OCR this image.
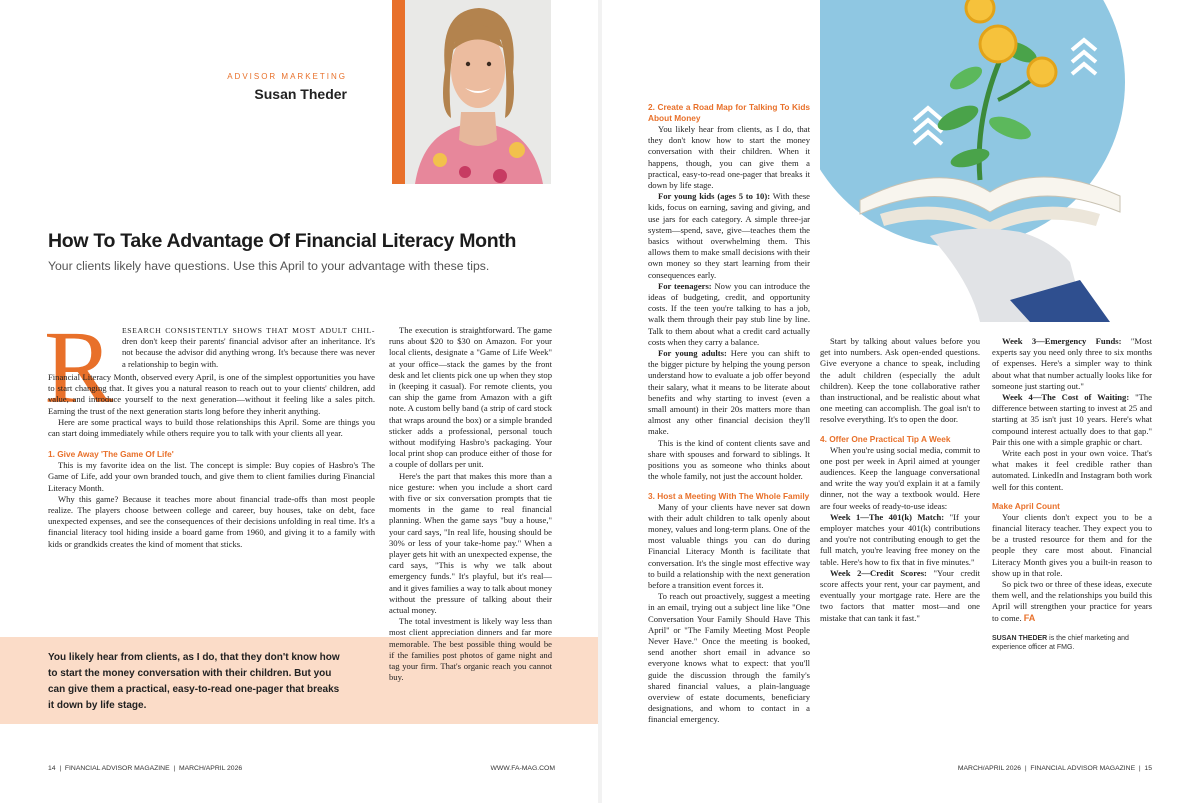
ADVISOR MARKETING
Susan Theder
How To Take Advantage Of Financial Literacy Month
Your clients likely have questions. Use this April to your advantage with these tips.
R ESEARCH CONSISTENTLY SHOWS THAT MOST ADULT CHIL- dren don't keep their parents' financial advisor after an inheritance. It's not because the advisor did anything wrong. It's because there was never a relationship to begin with.

Financial Literacy Month, observed every April, is one of the simplest opportunities you have to start changing that. It gives you a natural reason to reach out to your clients' children, add value, and introduce yourself to the next generation—without it feeling like a sales pitch. Earning the trust of the next generation starts long before they inherit anything.

Here are some practical ways to build those relationships this April. Some are things you can start doing immediately while others require you to talk with your clients all year.

1. Give Away 'The Game Of Life'

This is my favorite idea on the list. The concept is simple: Buy copies of Hasbro's The Game of Life, add your own branded touch, and give them to client families during Financial Literacy Month.

Why this game? Because it teaches more about financial trade-offs than most people realize. The players choose between college and career, buy houses, take on debt, face unexpected expenses, and see the consequences of their decisions unfolding in real time. It's a financial literacy tool hiding inside a board game from 1960, and giving it to a family with kids or grandkids creates the kind of moment that sticks.

You likely hear from clients, as I do, that they don't know how to start the money conversation with their children. But you can give them a practical, easy-to-read one-pager that breaks it down by life stage.

The execution is straightforward. The game runs about $20 to $30 on Amazon. For your local clients, designate a "Game of Life Week" at your office—stack the games by the front desk and let clients pick one up when they stop in (keeping it casual). For remote clients, you can ship the game from Amazon with a gift note. A custom belly band (a strip of card stock that wraps around the box) or a simple branded sticker adds a professional, personal touch without modifying Hasbro's packaging. Your local print shop can produce either of those for a couple of dollars per unit.

Here's the part that makes this more than a nice gesture: when you include a short card with five or six conversation prompts that tie moments in the game to real financial planning. When the game says "buy a house," your card says, "In real life, housing should be 30% or less of your take-home pay." When a player gets hit with an unexpected expense, the card says, "This is why we talk about emergency funds." It's playful, but it's real—and it gives families a way to talk about money without the pressure of talking about their actual money.

The total investment is likely way less than most client appreciation dinners and far more memorable. The best possible thing would be if the families post photos of game night and tag your firm. That's organic reach you cannot buy.

2. Create a Road Map for Talking To Kids About Money

You likely hear from clients, as I do, that they don't know how to start the money conversation with their children. When it happens, though, you can give them a practical, easy-to-read one-pager that breaks it down by life stage.

For young kids (ages 5 to 10): With these kids, focus on earning, saving and giving, and use jars for each category. A simple three-jar system—spend, save, give—teaches them the basics without overwhelming them. This allows them to make small decisions with their own money so they start learning from their consequences early.

For teenagers: Now you can introduce the ideas of budgeting, credit, and opportunity costs. If the teen you're talking to has a job, walk them through their pay stub line by line. Talk to them about what a credit card actually costs when they carry a balance.

For young adults: Here you can shift to the bigger picture by helping the young person understand how to evaluate a job offer beyond their salary, what it means to be literate about benefits and why starting to invest (even a small amount) in their 20s matters more than almost any other financial decision they'll make.

This is the kind of content clients save and share with spouses and forward to siblings. It positions you as someone who thinks about the whole family, not just the account holder.

3. Host a Meeting With The Whole Family

Many of your clients have never sat down with their adult children to talk openly about money, values and long-term plans. One of the most valuable things you can do during Financial Literacy Month is facilitate that conversation. It's the single most effective way to build a relationship with the next generation before a transition event forces it.

To reach out proactively, suggest a meeting in an email, trying out a subject line like "One Conversation Your Family Should Have This April" or "The Family Meeting Most People Never Have." Once the meeting is booked, send another short email in advance so everyone knows what to expect: that you'll guide the discussion through the family's shared financial values, a plain-language overview of estate documents, beneficiary designations, and whom to contact in a financial emergency.

Start by talking about values before you get into numbers. Ask open-ended questions. Give everyone a chance to speak, including the adult children (especially the adult children). Keep the tone collaborative rather than instructional, and be realistic about what one meeting can accomplish. The goal isn't to resolve everything. It's to open the door.

4. Offer One Practical Tip A Week

When you're using social media, commit to one post per week in April aimed at younger audiences. Keep the language conversational and write the way you'd explain it at a family dinner, not the way a textbook would. Here are four weeks of ready-to-use ideas:

Week 1—The 401(k) Match: "If your employer matches your 401(k) contributions and you're not contributing enough to get the full match, you're leaving free money on the table. Here's how to fix that in five minutes."

Week 2—Credit Scores: "Your credit score affects your rent, your car payment, and eventually your mortgage rate. Here are the two factors that matter most—and one mistake that can tank it fast."

Week 3—Emergency Funds: "Most experts say you need only three to six months of expenses. Here's a simpler way to think about what that number actually looks like for someone just starting out."

Week 4—The Cost of Waiting: "The difference between starting to invest at 25 and starting at 35 isn't just 10 years. Here's what compound interest actually does to that gap." Pair this one with a simple graphic or chart.

Write each post in your own voice. That's what makes it feel credible rather than automated. LinkedIn and Instagram both work well for this content.

Make April Count

Your clients don't expect you to be a financial literacy teacher. They expect you to be a trusted resource for them and for the people they care most about. Financial Literacy Month gives you a built-in reason to show up in that role.

So pick two or three of these ideas, execute them well, and the relationships you build this April will strengthen your practice for years to come. FA

SUSAN THEDER is the chief marketing and experience officer at FMG.
14  |  FINANCIAL ADVISOR MAGAZINE  |  MARCH/APRIL 2026	WWW.FA-MAG.COM	MARCH/APRIL 2026  |  FINANCIAL ADVISOR MAGAZINE  |  15
